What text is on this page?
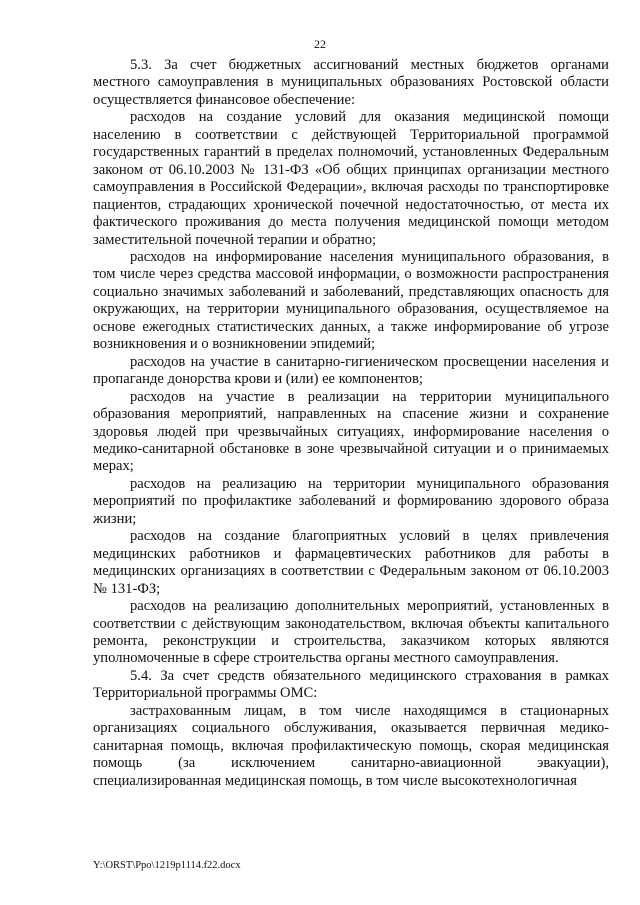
22

5.3. За счет бюджетных ассигнований местных бюджетов органами местного самоуправления в муниципальных образованиях Ростовской области осуществляется финансовое обеспечение:

расходов на создание условий для оказания медицинской помощи населению в соответствии с действующей Территориальной программой государственных гарантий в пределах полномочий, установленных Федеральным законом от 06.10.2003 № 131-ФЗ «Об общих принципах организации местного самоуправления в Российской Федерации», включая расходы по транспортировке пациентов, страдающих хронической почечной недостаточностью, от места их фактического проживания до места получения медицинской помощи методом заместительной почечной терапии и обратно;

расходов на информирование населения муниципального образования, в том числе через средства массовой информации, о возможности распространения социально значимых заболеваний и заболеваний, представляющих опасность для окружающих, на территории муниципального образования, осуществляемое на основе ежегодных статистических данных, а также информирование об угрозе возникновения и о возникновении эпидемий;

расходов на участие в санитарно-гигиеническом просвещении населения и пропаганде донорства крови и (или) ее компонентов;

расходов на участие в реализации на территории муниципального образования мероприятий, направленных на спасение жизни и сохранение здоровья людей при чрезвычайных ситуациях, информирование населения о медико-санитарной обстановке в зоне чрезвычайной ситуации и о принимаемых мерах;

расходов на реализацию на территории муниципального образования мероприятий по профилактике заболеваний и формированию здорового образа жизни;

расходов на создание благоприятных условий в целях привлечения медицинских работников и фармацевтических работников для работы в медицинских организациях в соответствии с Федеральным законом от 06.10.2003 № 131-ФЗ;

расходов на реализацию дополнительных мероприятий, установленных в соответствии с действующим законодательством, включая объекты капитального ремонта, реконструкции и строительства, заказчиком которых являются уполномоченные в сфере строительства органы местного самоуправления.

5.4. За счет средств обязательного медицинского страхования в рамках Территориальной программы ОМС:

застрахованным лицам, в том числе находящимся в стационарных организациях социального обслуживания, оказывается первичная медико-санитарная помощь, включая профилактическую помощь, скорая медицинская помощь (за исключением санитарно-авиационной эвакуации), специализированная медицинская помощь, в том числе высокотехнологичная

Y:\ORST\Ppo\1219p1114.f22.docx
